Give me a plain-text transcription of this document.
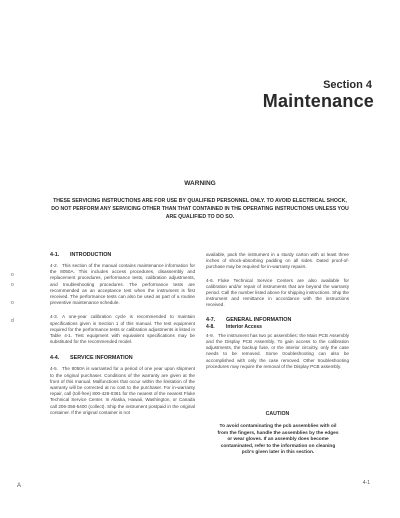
Section 4
Maintenance
WARNING
THESE SERVICING INSTRUCTIONS ARE FOR USE BY QUALIFIED PERSONNEL ONLY. TO AVOID ELECTRICAL SHOCK, DO NOT PERFORM ANY SERVICING OTHER THAN THAT CONTAINED IN THE OPERATING INSTRUCTIONS UNLESS YOU ARE QUALIFIED TO DO SO.
o
o
o
d
4-1. INTRODUCTION
4-2. This section of the manual contains maintenance information for the 8050A. This includes access procedures, disassembly and replacement procedures, performance tests, calibration adjustments, and troubleshooting procedures. The performance tests are recommended as an acceptance test when the instrument is first received. The performance tests can also be used as part of a routine preventive maintenance schedule.
4-3. A one-year calibration cycle is recommended to maintain specifications given in Section 1 of this manual. The test equipment required for the performance tests or calibration adjustments is listed in Table 4-1. Test equipment with equivalent specifications may be substituted for the recommended model.
4-4. SERVICE INFORMATION
4-5. The 8050A is warranted for a period of one year upon shipment to the original purchaser. Conditions of the warranty are given at the front of this manual. Malfunctions that occur within the limitation of the warranty will be corrected at no cost to the purchaser. For in-warranty repair, call (toll-free) 800-426-0361 for the nearest of the nearest Fluke Technical Service Center. In Alaska, Hawaii, Washington, or Canada call 206-356-5400 (collect). Ship the instrument postpaid in the original container. If the original container is not
available, pack the instrument in a sturdy carton with at least three inches of shock-absorbing padding on all sides. Dated proof-of-purchase may be required for in-warranty repairs.
4-6. Fluke Technical Service Centers are also available for calibration and/or repair of instruments that are beyond the warranty period. Call the number listed above for shipping instructions. Ship the instrument and remittance in accordance with the instructions received.
4-7. GENERAL INFORMATION
4-8. Interior Access
4-9. The instrument has two pc assemblies: the Main PCB Assembly and the Display PCB Assembly. To gain access to the calibration adjustments, the backup fuse, or the interior circuitry, only the case needs to be removed. Some troubleshooting can also be accomplished with only the case removed. Other troubleshooting procedures may require the removal of the Display PCB assembly.
CAUTION
To avoid contaminating the pcb assemblies with oil from the fingers, handle the assemblies by the edges or wear gloves. If an assembly does become contaminated, refer to the information on cleaning pcb's given later in this section.
A	4-1
